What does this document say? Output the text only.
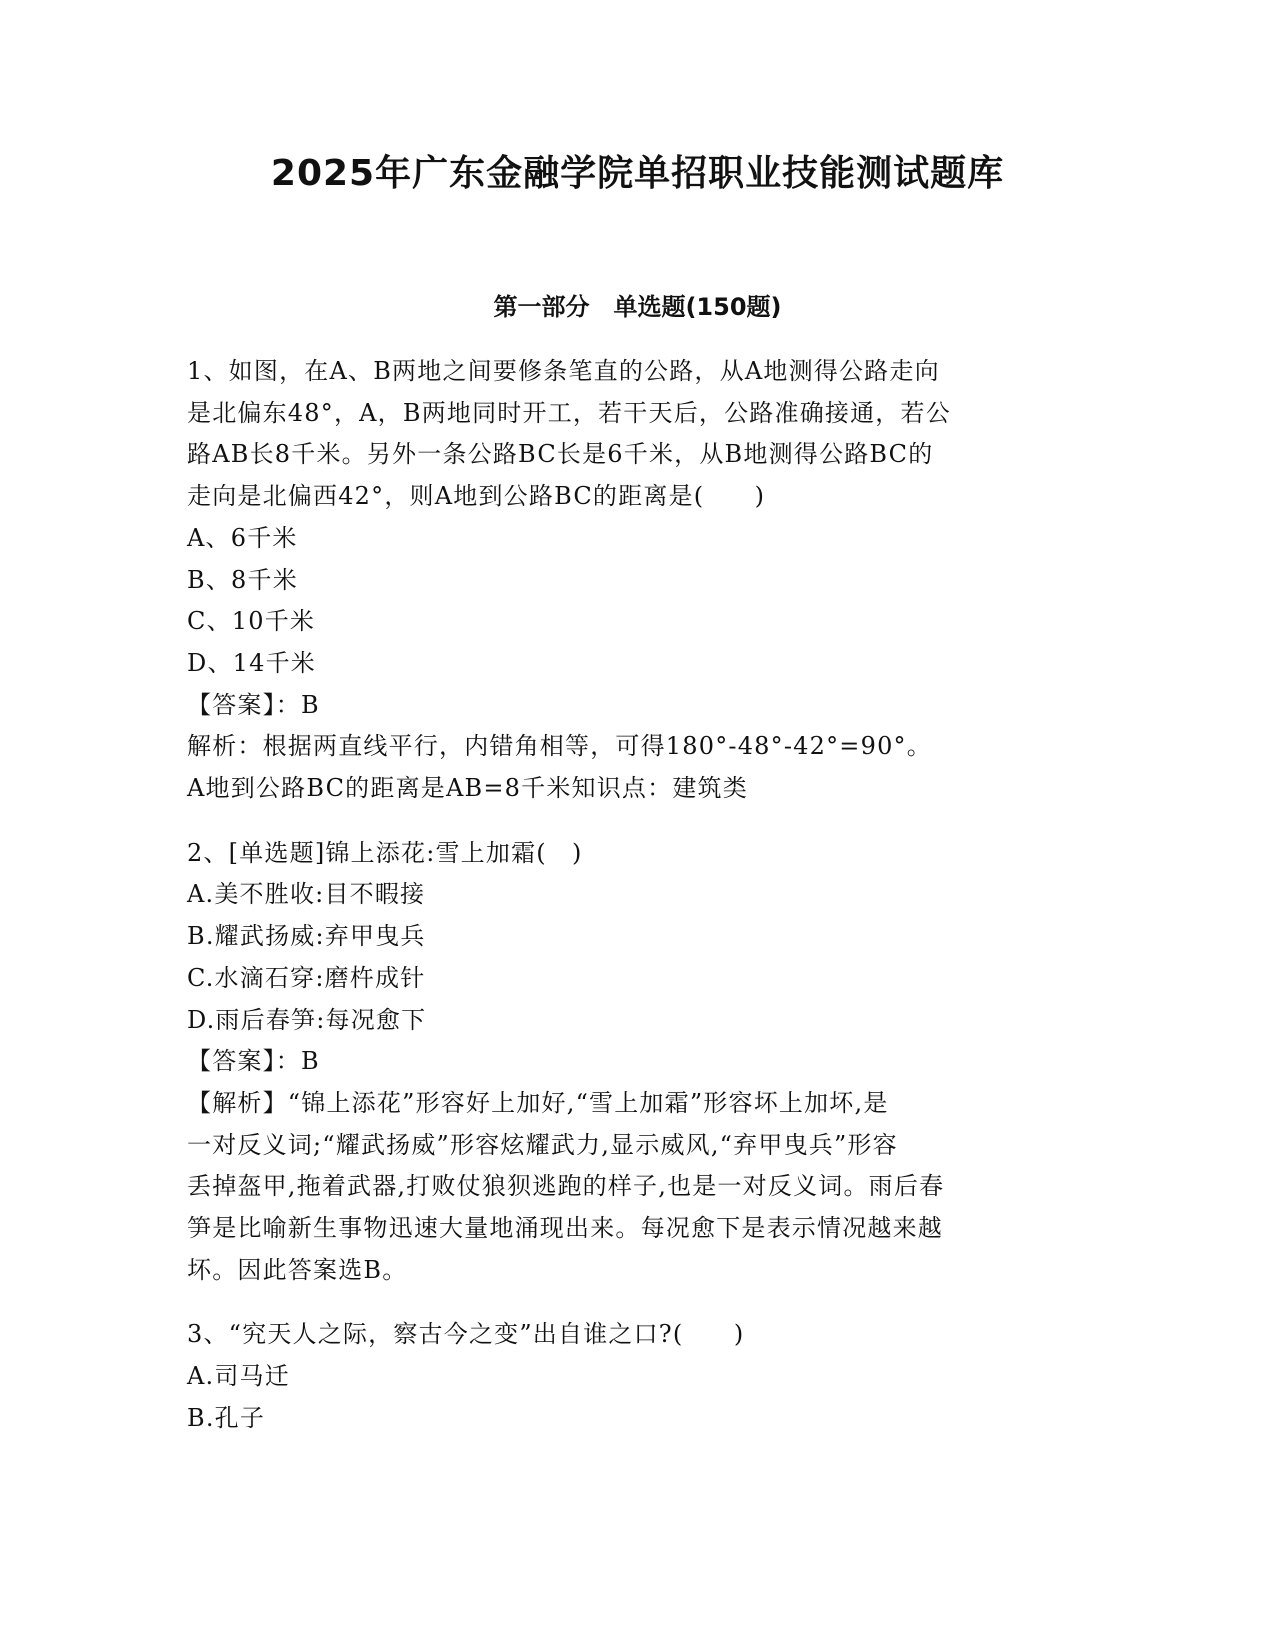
2025年广东金融学院单招职业技能测试题库
第一部分　单选题(150题)
1、如图，在A、B两地之间要修条笔直的公路，从A地测得公路走向
是北偏东48°，A，B两地同时开工，若干天后，公路准确接通，若公
路AB长8千米。另外一条公路BC长是6千米，从B地测得公路BC的
走向是北偏西42°，则A地到公路BC的距离是(　　)
A、6千米
B、8千米
C、10千米
D、14千米
【答案】：B
解析：根据两直线平行，内错角相等，可得180°-48°-42°=90°。
A地到公路BC的距离是AB=8千米知识点：建筑类
2、[单选题]锦上添花:雪上加霜(　)
A.美不胜收:目不暇接
B.耀武扬威:弃甲曳兵
C.水滴石穿:磨杵成针
D.雨后春笋:每况愈下
【答案】：B
【解析】“锦上添花”形容好上加好,“雪上加霜”形容坏上加坏,是
一对反义词;“耀武扬威”形容炫耀武力,显示威风,“弃甲曳兵”形容
丢掉盔甲,拖着武器,打败仗狼狈逃跑的样子,也是一对反义词。雨后春
笋是比喻新生事物迅速大量地涌现出来。每况愈下是表示情况越来越
坏。因此答案选B。
3、“究天人之际，察古今之变”出自谁之口?(　　)
A.司马迁
B.孔子
